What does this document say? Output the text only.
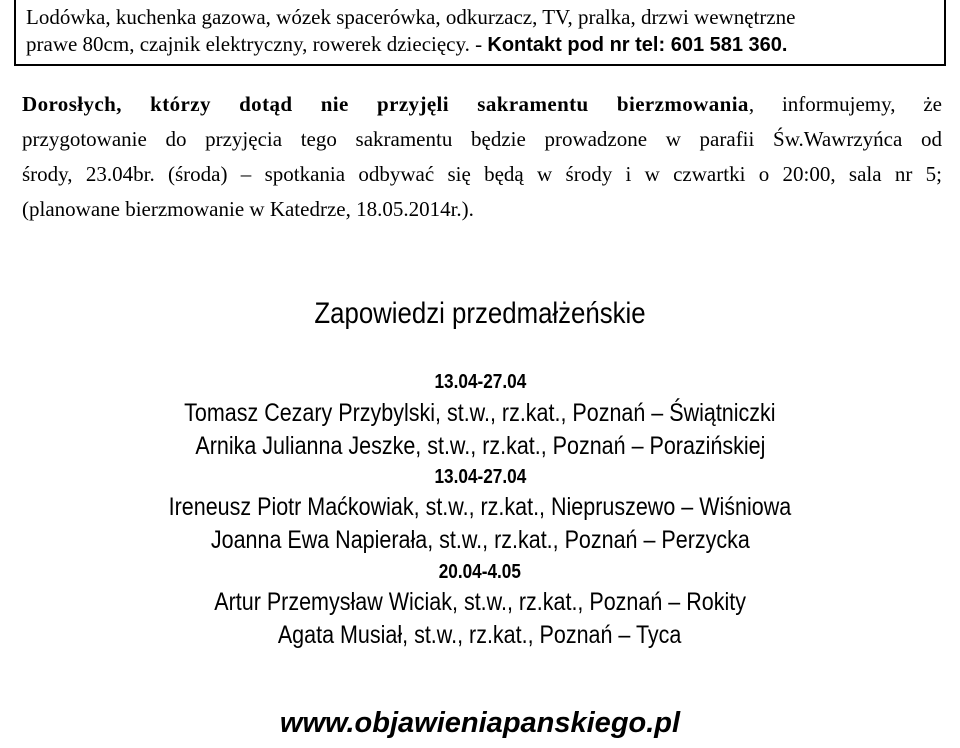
Lodówka, kuchenka gazowa, wózek spacerówka, odkurzacz, TV, pralka, drzwi wewnętrzne
prawe 80cm, czajnik elektryczny, rowerek dziecięcy. - Kontakt pod nr tel: 601 581 360.
Dorosłych, którzy dotąd nie przyjęli sakramentu bierzmowania, informujemy, że
przygotowanie do przyjęcia tego sakramentu będzie prowadzone w parafii Św.Wawrzyńca od
środy, 23.04br. (środa) – spotkania odbywać się będą w środy i w czwartki o 20:00, sala nr 5;
(planowane bierzmowanie w Katedrze, 18.05.2014r.).
Zapowiedzi przedmałżeńskie
13.04-27.04
Tomasz Cezary Przybylski, st.w., rz.kat., Poznań – Świątniczki
Arnika Julianna Jeszke, st.w., rz.kat., Poznań – Porazińskiej
13.04-27.04
Ireneusz Piotr Maćkowiak, st.w., rz.kat., Niepruszewo – Wiśniowa
Joanna Ewa Napierała, st.w., rz.kat., Poznań – Perzycka
20.04-4.05
Artur Przemysław Wiciak, st.w., rz.kat., Poznań – Rokity
Agata Musiał, st.w., rz.kat., Poznań – Tyca
www.objawieniapanskiego.pl
